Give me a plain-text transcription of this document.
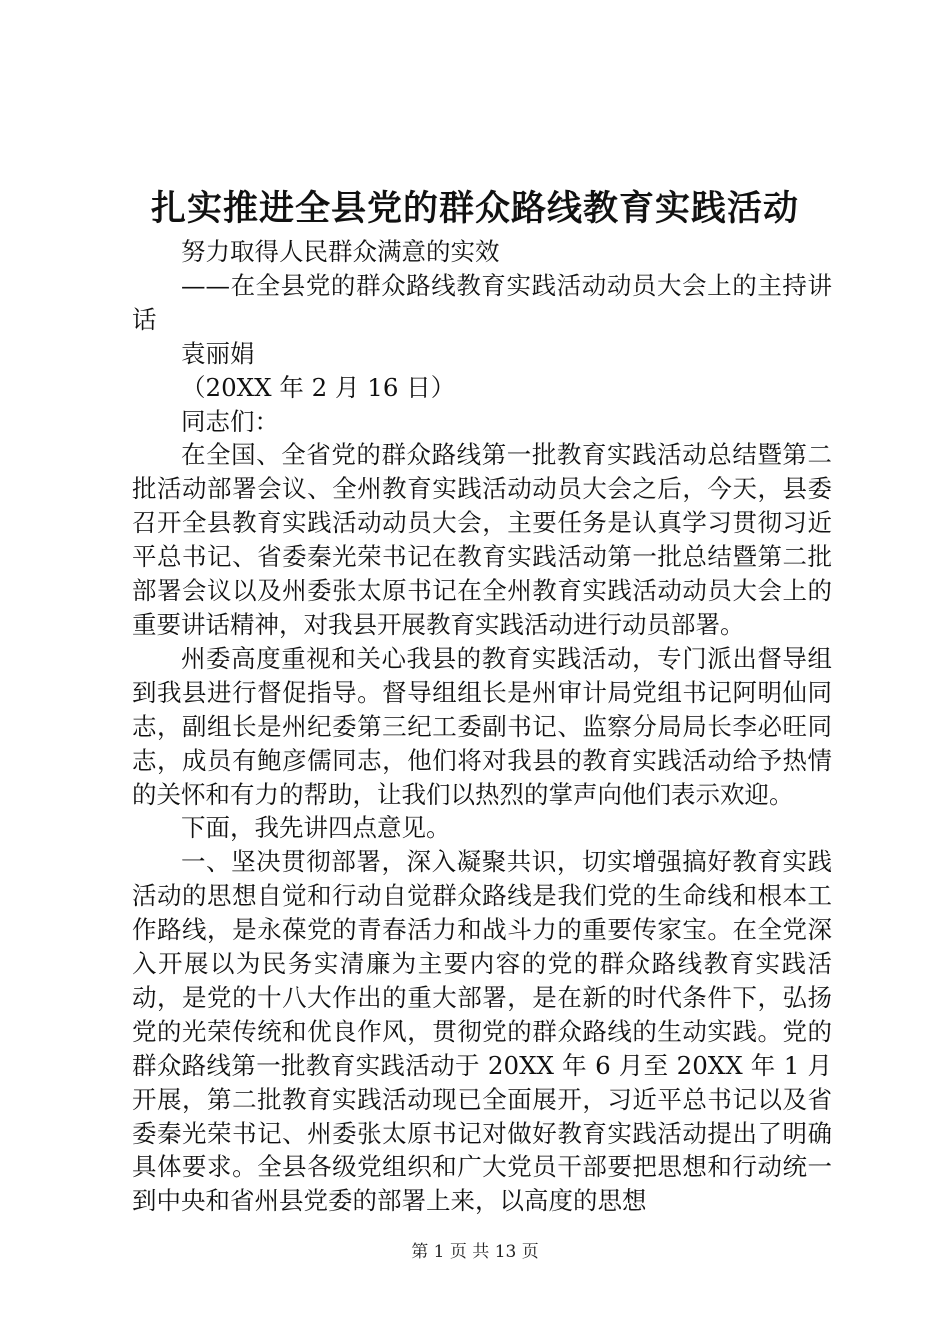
扎实推进全县党的群众路线教育实践活动

努力取得人民群众满意的实效

——在全县党的群众路线教育实践活动动员大会上的主持讲话

袁丽娟

（20XX 年 2 月 16 日）

同志们：

在全国、全省党的群众路线第一批教育实践活动总结暨第二批活动部署会议、全州教育实践活动动员大会之后，今天，县委召开全县教育实践活动动员大会，主要任务是认真学习贯彻习近平总书记、省委秦光荣书记在教育实践活动第一批总结暨第二批部署会议以及州委张太原书记在全州教育实践活动动员大会上的重要讲话精神，对我县开展教育实践活动进行动员部署。

州委高度重视和关心我县的教育实践活动，专门派出督导组到我县进行督促指导。督导组组长是州审计局党组书记阿明仙同志，副组长是州纪委第三纪工委副书记、监察分局局长李必旺同志，成员有鲍彦儒同志，他们将对我县的教育实践活动给予热情的关怀和有力的帮助，让我们以热烈的掌声向他们表示欢迎。

下面，我先讲四点意见。

一、坚决贯彻部署，深入凝聚共识，切实增强搞好教育实践活动的思想自觉和行动自觉群众路线是我们党的生命线和根本工作路线，是永葆党的青春活力和战斗力的重要传家宝。在全党深入开展以为民务实清廉为主要内容的党的群众路线教育实践活动，是党的十八大作出的重大部署，是在新的时代条件下，弘扬党的光荣传统和优良作风，贯彻党的群众路线的生动实践。党的群众路线第一批教育实践活动于 20XX 年 6 月至 20XX 年 1 月开展，第二批教育实践活动现已全面展开，习近平总书记以及省委秦光荣书记、州委张太原书记对做好教育实践活动提出了明确具体要求。全县各级党组织和广大党员干部要把思想和行动统一到中央和省州县党委的部署上来，以高度的思想

第 1 页 共 13 页
